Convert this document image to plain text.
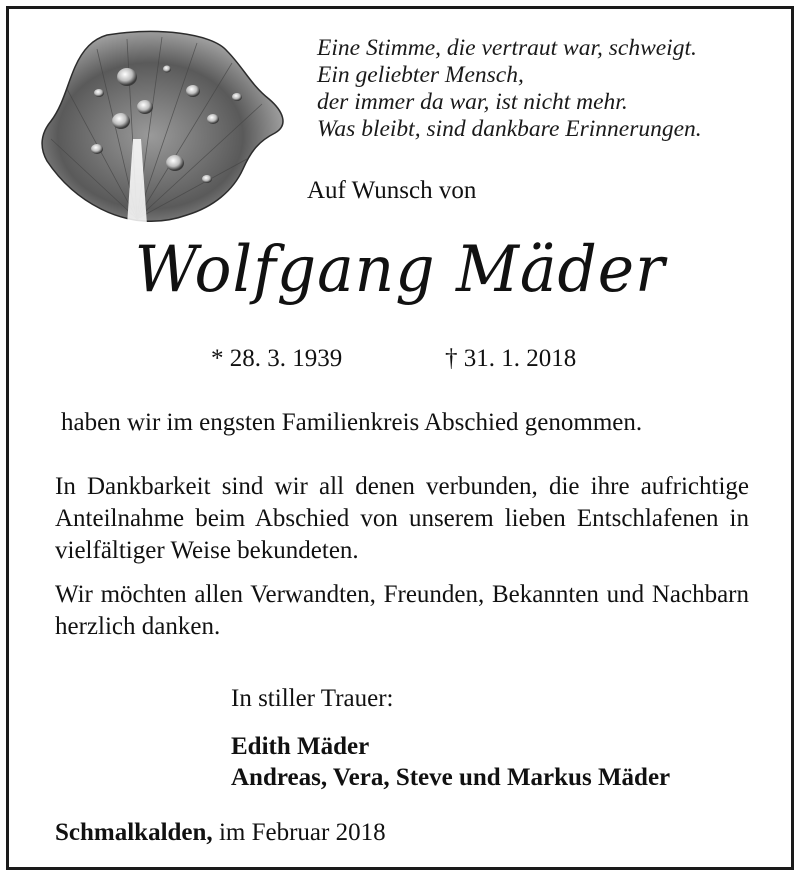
Eine Stimme, die vertraut war, schweigt.
Ein geliebter Mensch,
der immer da war, ist nicht mehr.
Was bleibt, sind dankbare Erinnerungen.
Auf Wunsch von
Wolfgang Mäder
* 28. 3. 1939	† 31. 1. 2018
haben wir im engsten Familienkreis Abschied genommen.
In Dankbarkeit sind wir all denen verbunden, die ihre aufrichtige Anteilnahme beim Abschied von unserem lieben Entschlafenen in vielfältiger Weise bekundeten.
Wir möchten allen Verwandten, Freunden, Bekannten und Nachbarn herzlich danken.
In stiller Trauer:
Edith Mäder
Andreas, Vera, Steve und Markus Mäder
Schmalkalden, im Februar 2018
